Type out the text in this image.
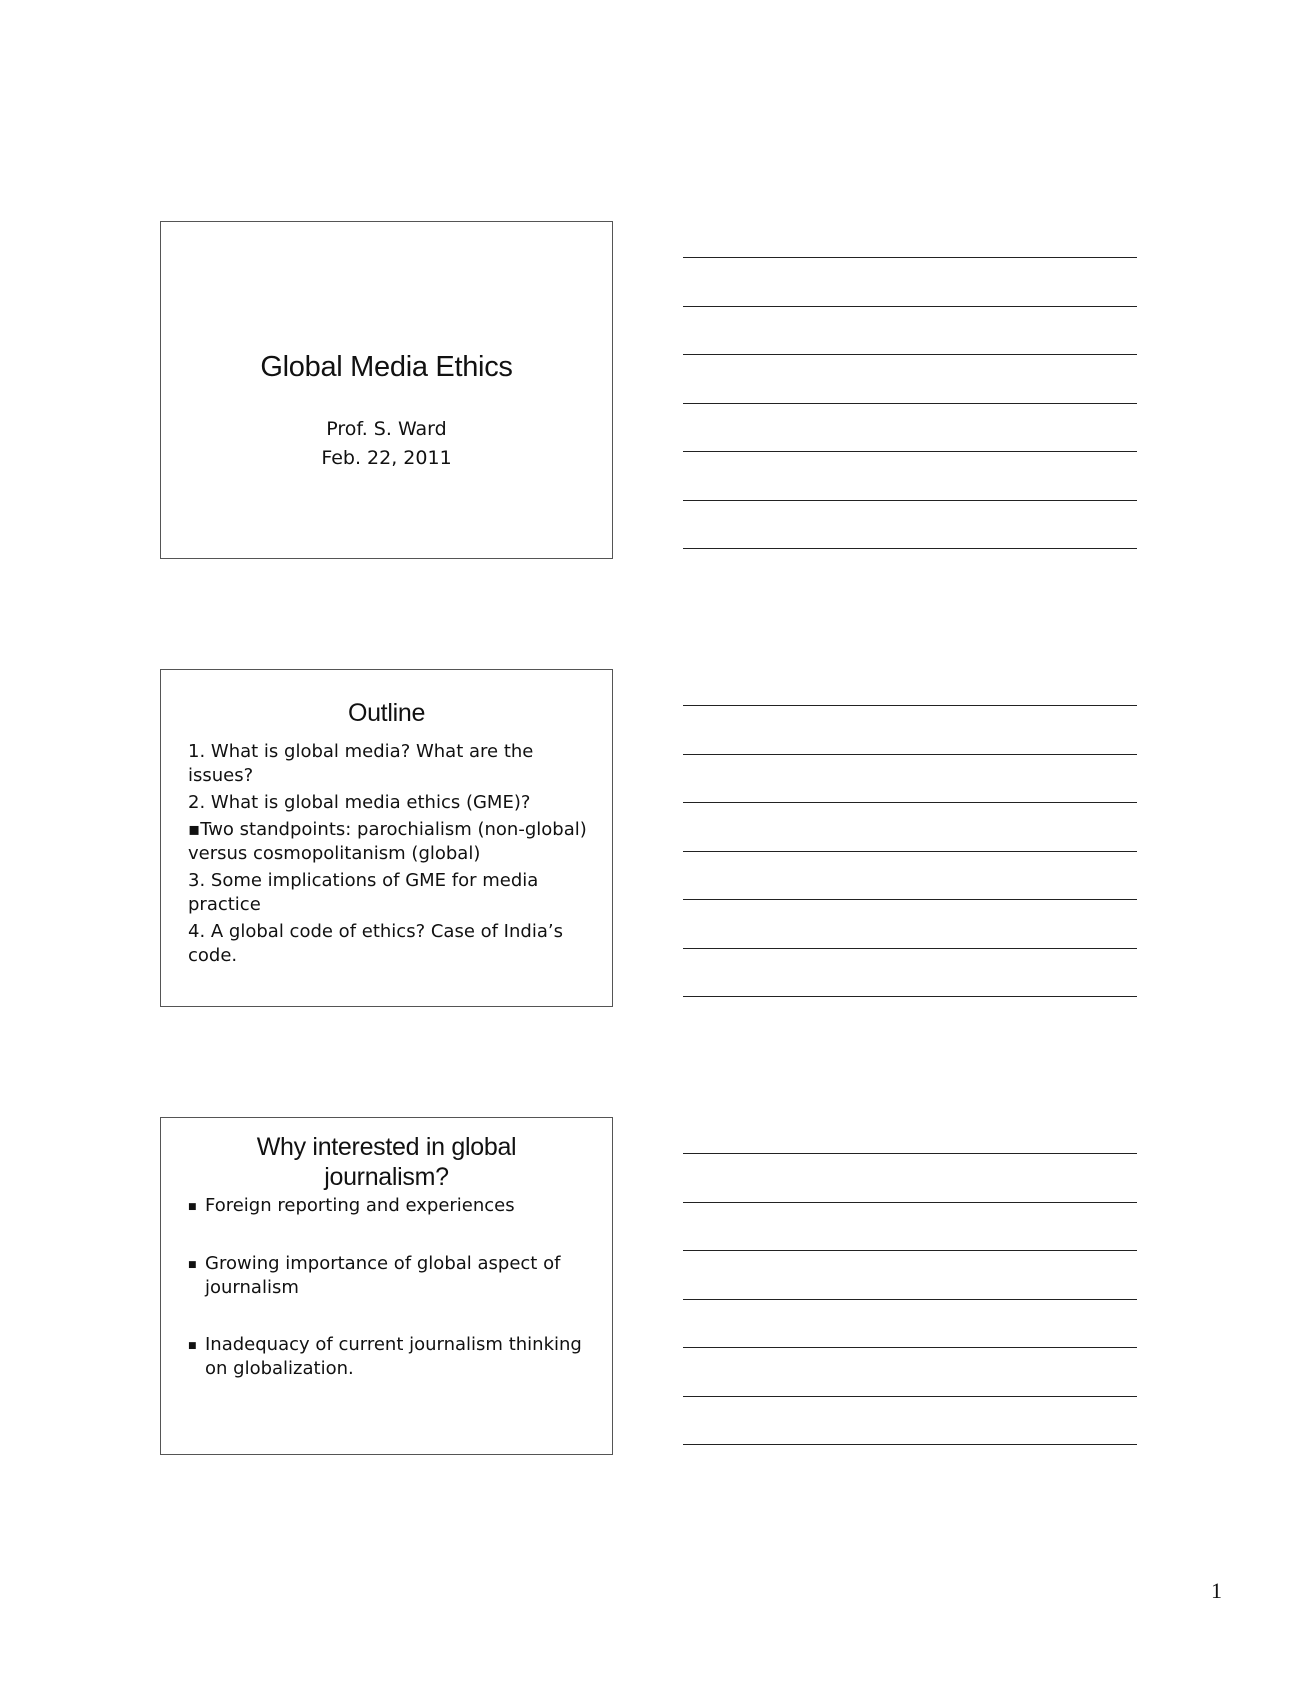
Global Media Ethics
Prof. S. Ward
Feb. 22, 2011
Outline
1. What is global media? What are the issues?
2. What is global media ethics (GME)?
▪Two standpoints: parochialism (non-global) versus cosmopolitanism (global)
3. Some implications of GME for media practice
4. A global code of ethics? Case of India’s code.
Why interested in global journalism?
■ Foreign reporting and experiences
■ Growing importance of global aspect of journalism
■ Inadequacy of current journalism thinking on globalization.
1
